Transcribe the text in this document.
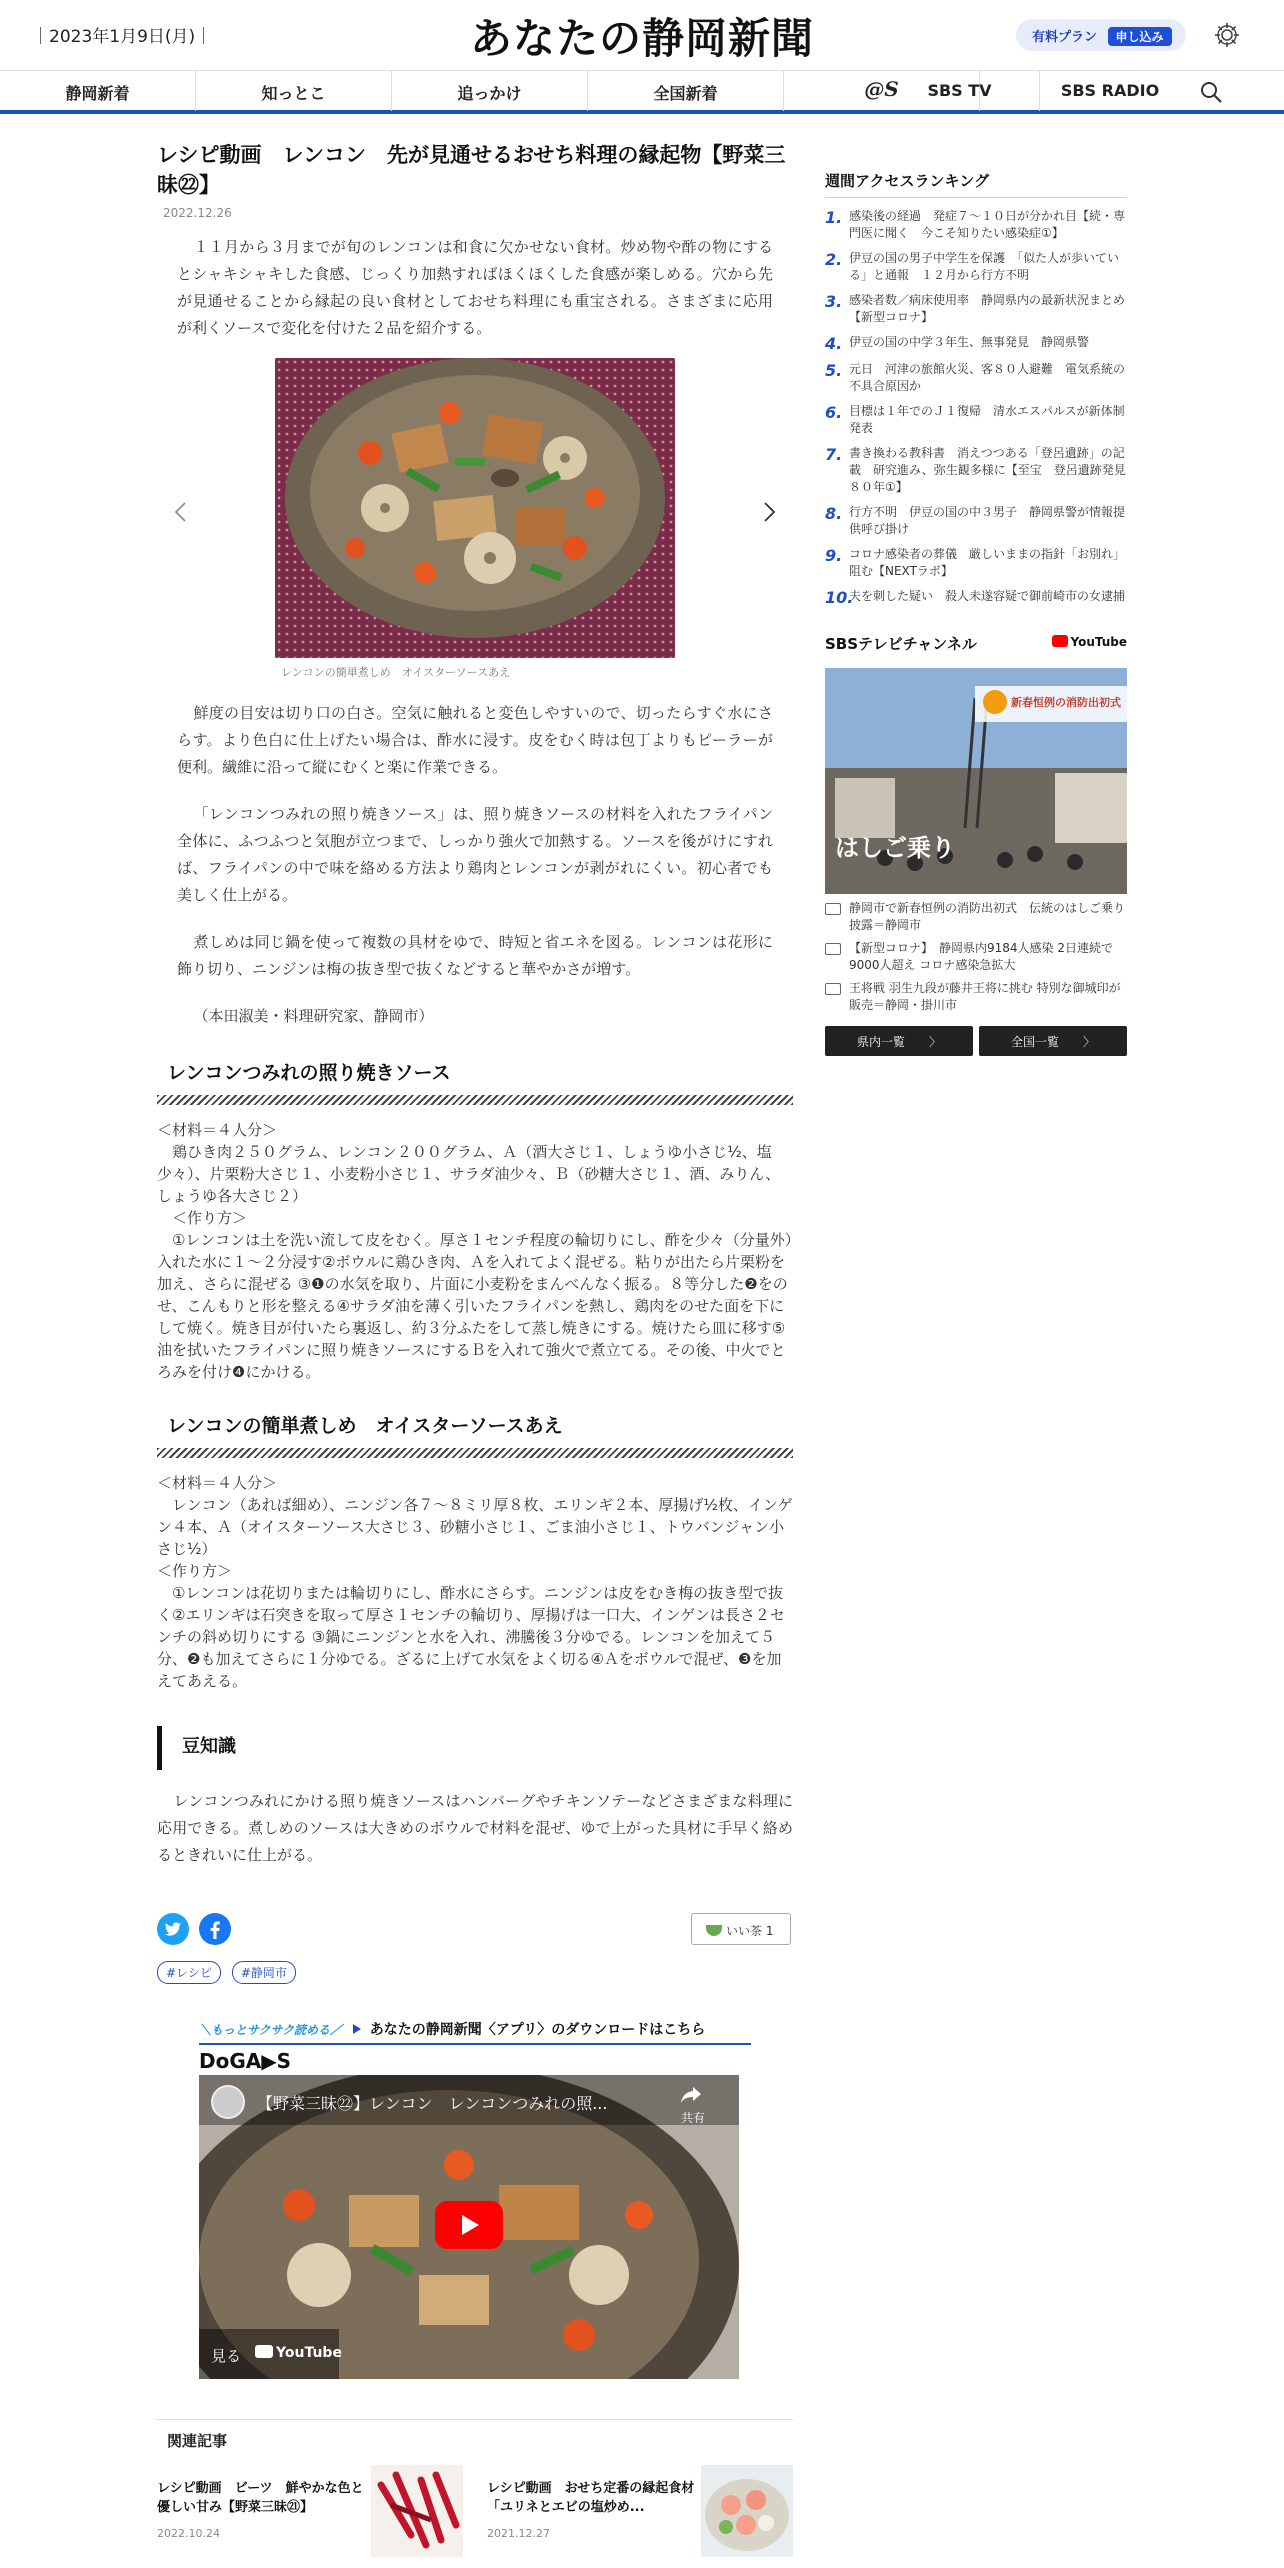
｜2023年1月9日(月)｜	あなたの静岡新聞	有料プラン 申し込み
静岡新着	知っとこ	追っかけ	全国新着	@S	SBS TV	SBS RADIO
レシピ動画　レンコン　先が見通せるおせち料理の縁起物【野菜三昧㉒】
2022.12.26

１１月から３月までが旬のレンコンは和食に欠かせない食材。炒め物や酢の物にするとシャキシャキした食感、じっくり加熱すればほくほくした食感が楽しめる。穴から先が見通せることから縁起の良い食材としておせち料理にも重宝される。さまざまに応用が利くソースで変化を付けた２品を紹介する。

レンコンの簡単煮しめ　オイスターソースあえ

鮮度の目安は切り口の白さ。空気に触れると変色しやすいので、切ったらすぐ水にさらす。より色白に仕上げたい場合は、酢水に浸す。皮をむく時は包丁よりもピーラーが便利。繊維に沿って縦にむくと楽に作業できる。

「レンコンつみれの照り焼きソース」は、照り焼きソースの材料を入れたフライパン全体に、ふつふつと気胞が立つまで、しっかり強火で加熱する。ソースを後がけにすれば、フライパンの中で味を絡める方法より鶏肉とレンコンが剥がれにくい。初心者でも美しく仕上がる。

煮しめは同じ鍋を使って複数の具材をゆで、時短と省エネを図る。レンコンは花形に飾り切り、ニンジンは梅の抜き型で抜くなどすると華やかさが増す。

（本田淑美・料理研究家、静岡市）

レンコンつみれの照り焼きソース
＜材料＝４人分＞
　鶏ひき肉２５０グラム、レンコン２００グラム、Ａ（酒大さじ１、しょうゆ小さじ½、塩少々）、片栗粉大さじ１、小麦粉小さじ１、サラダ油少々、Ｂ（砂糖大さじ１、酒、みりん、しょうゆ各大さじ２）
　＜作り方＞
　①レンコンは土を洗い流して皮をむく。厚さ１センチ程度の輪切りにし、酢を少々（分量外）入れた水に１～２分浸す②ボウルに鶏ひき肉、Ａを入れてよく混ぜる。粘りが出たら片栗粉を加え、さらに混ぜる ③❶の水気を取り、片面に小麦粉をまんべんなく振る。８等分した❷をのせ、こんもりと形を整える④サラダ油を薄く引いたフライパンを熱し、鶏肉をのせた面を下にして焼く。焼き目が付いたら裏返し、約３分ふたをして蒸し焼きにする。焼けたら皿に移す⑤油を拭いたフライパンに照り焼きソースにするＢを入れて強火で煮立てる。その後、中火でとろみを付け❹にかける。
レンコンの簡単煮しめ　オイスターソースあえ
＜材料＝４人分＞
　レンコン（あれば細め）、ニンジン各７～８ミリ厚８枚、エリンギ２本、厚揚げ½枚、インゲン４本、Ａ（オイスターソース大さじ３、砂糖小さじ１、ごま油小さじ１、トウバンジャン小さじ½）
＜作り方＞
　①レンコンは花切りまたは輪切りにし、酢水にさらす。ニンジンは皮をむき梅の抜き型で抜く②エリンギは石突きを取って厚さ１センチの輪切り、厚揚げは一口大、インゲンは長さ２センチの斜め切りにする ③鍋にニンジンと水を入れ、沸騰後３分ゆでる。レンコンを加えて５分、❷も加えてさらに１分ゆでる。ざるに上げて水気をよく切る④Ａをボウルで混ぜ、❸を加えてあえる。
豆知識

レンコンつみれにかける照り焼きソースはハンバーグやチキンソテーなどさまざまな料理に応用できる。煮しめのソースは大きめのボウルで材料を混ぜ、ゆで上がった具材に手早く絡めるときれいに仕上がる。

いい茶 1
#レシピ #静岡市
＼もっとサクサク読める／ あなたの静岡新聞〈アプリ〉のダウンロードはこちら
DoGA▶S
【野菜三昧㉒】レンコン　レンコンつみれの照...
共有
見る	YouTube
関連記事
レシピ動画　ビーツ　鮮やかな色と優しい甘み【野菜三昧㉑】
2022.10.24
レシピ動画　おせち定番の縁起食材「ユリネとエビの塩炒め...
2021.12.27
週間アクセスランキング
1. 感染後の経過　発症７～１０日が分かれ目【続・専門医に聞く　今こそ知りたい感染症①】
2. 伊豆の国の男子中学生を保護　「似た人が歩いている」と通報　１２月から行方不明
3. 感染者数／病床使用率　静岡県内の最新状況まとめ【新型コロナ】
4. 伊豆の国の中学３年生、無事発見　静岡県警
5. 元日　河津の旅館火災、客８０人避難　電気系統の不具合原因か
6. 目標は１年でのＪ１復帰　清水エスパルスが新体制発表
7. 書き換わる教科書　消えつつある「登呂遺跡」の記載　研究進み、弥生観多様に【至宝　登呂遺跡発見８０年①】
8. 行方不明　伊豆の国の中３男子　静岡県警が情報提供呼び掛け
9. コロナ感染者の葬儀　厳しいままの指針「お別れ」阻む【NEXTラボ】
10.
夫を刺した疑い　殺人未遂容疑で御前崎市の女逮捕
SBSテレビチャンネル	YouTube
新春恒例の消防出初式
はしご乗り
静岡市で新春恒例の消防出初式　伝統のはしご乗り披露＝静岡市
【新型コロナ】　静岡県内9184人感染 2日連続で9000人超え コロナ感染急拡大
王将戦 羽生九段が藤井王将に挑む 特別な御城印が販売＝静岡・掛川市
県内一覧　　〉	全国一覧　　〉
